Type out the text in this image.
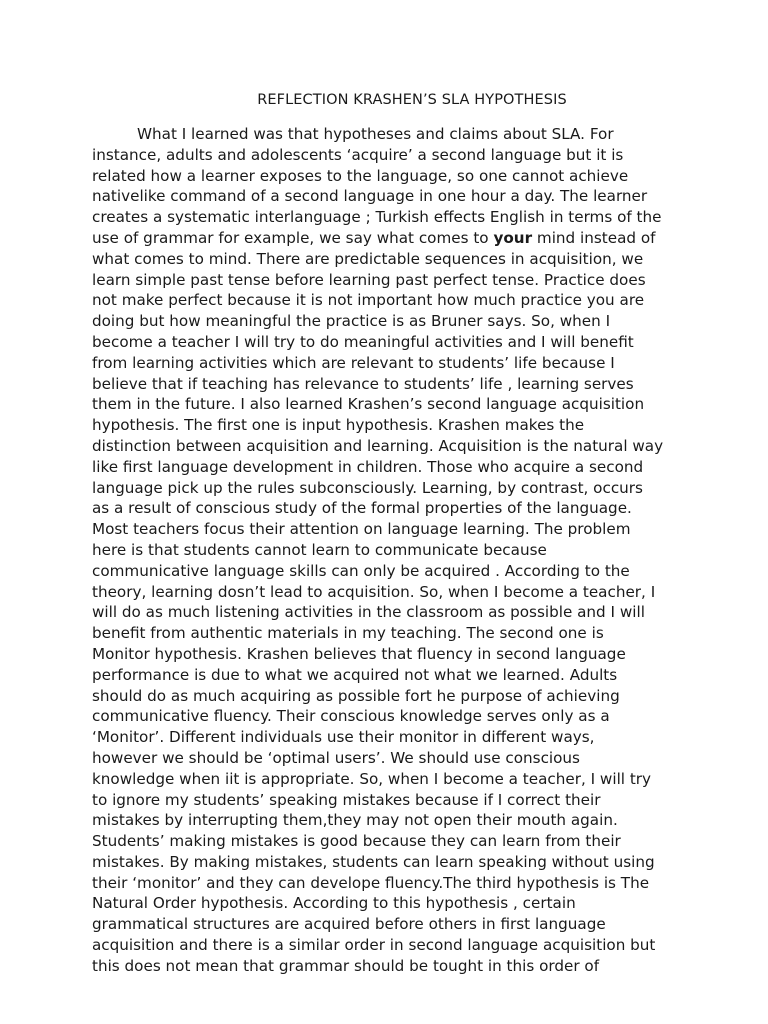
REFLECTION KRASHEN’S SLA HYPOTHESIS
What I learned was that hypotheses and claims about SLA. For
instance, adults and adolescents ‘acquire’ a second language but it is
related how a learner exposes to the language, so one cannot achieve
nativelike command of a second language in one hour a day. The learner
creates a systematic interlanguage ; Turkish effects English in terms of the
use of grammar for example, we say what comes to your mind instead of
what comes to mind. There are predictable sequences in acquisition, we
learn simple past tense before learning past perfect tense. Practice does
not make perfect because it is not important how much practice you are
doing but how meaningful the practice is as Bruner says. So, when I
become a teacher I will try to do meaningful activities and I will benefit
from learning activities which are relevant to students’ life because I
believe that if teaching has relevance to students’ life , learning serves
them in the future. I also learned Krashen’s second language acquisition
hypothesis. The first one is input hypothesis. Krashen makes the
distinction between acquisition and learning. Acquisition is the natural way
like first language development in children. Those who acquire a second
language pick up the rules subconsciously. Learning, by contrast, occurs
as a result of conscious study of the formal properties of the language.
Most teachers focus their attention on language learning. The problem
here is that students cannot learn to communicate because
communicative language skills can only be acquired . According to the
theory, learning dosn’t lead to acquisition. So, when I become a teacher, I
will do as much listening activities in the classroom as possible and I will
benefit from authentic materials in my teaching. The second one is
Monitor hypothesis. Krashen believes that fluency in second language
performance is due to what we acquired not what we learned. Adults
should do as much acquiring as possible fort he purpose of achieving
communicative fluency. Their conscious knowledge serves only as a
‘Monitor’. Different individuals use their monitor in different ways,
however we should be ‘optimal users’. We should use conscious
knowledge when iit is appropriate. So, when I become a teacher, I will try
to ignore my students’ speaking mistakes because if I correct their
mistakes by interrupting them,they may not open their mouth again.
Students’ making mistakes is good because they can learn from their
mistakes. By making mistakes, students can learn speaking without using
their ‘monitor’ and they can develope fluency.The third hypothesis is The
Natural Order hypothesis. According to this hypothesis , certain
grammatical structures are acquired before others in first language
acquisition and there is a similar order in second language acquisition but
this does not mean that grammar should be tought in this order of
